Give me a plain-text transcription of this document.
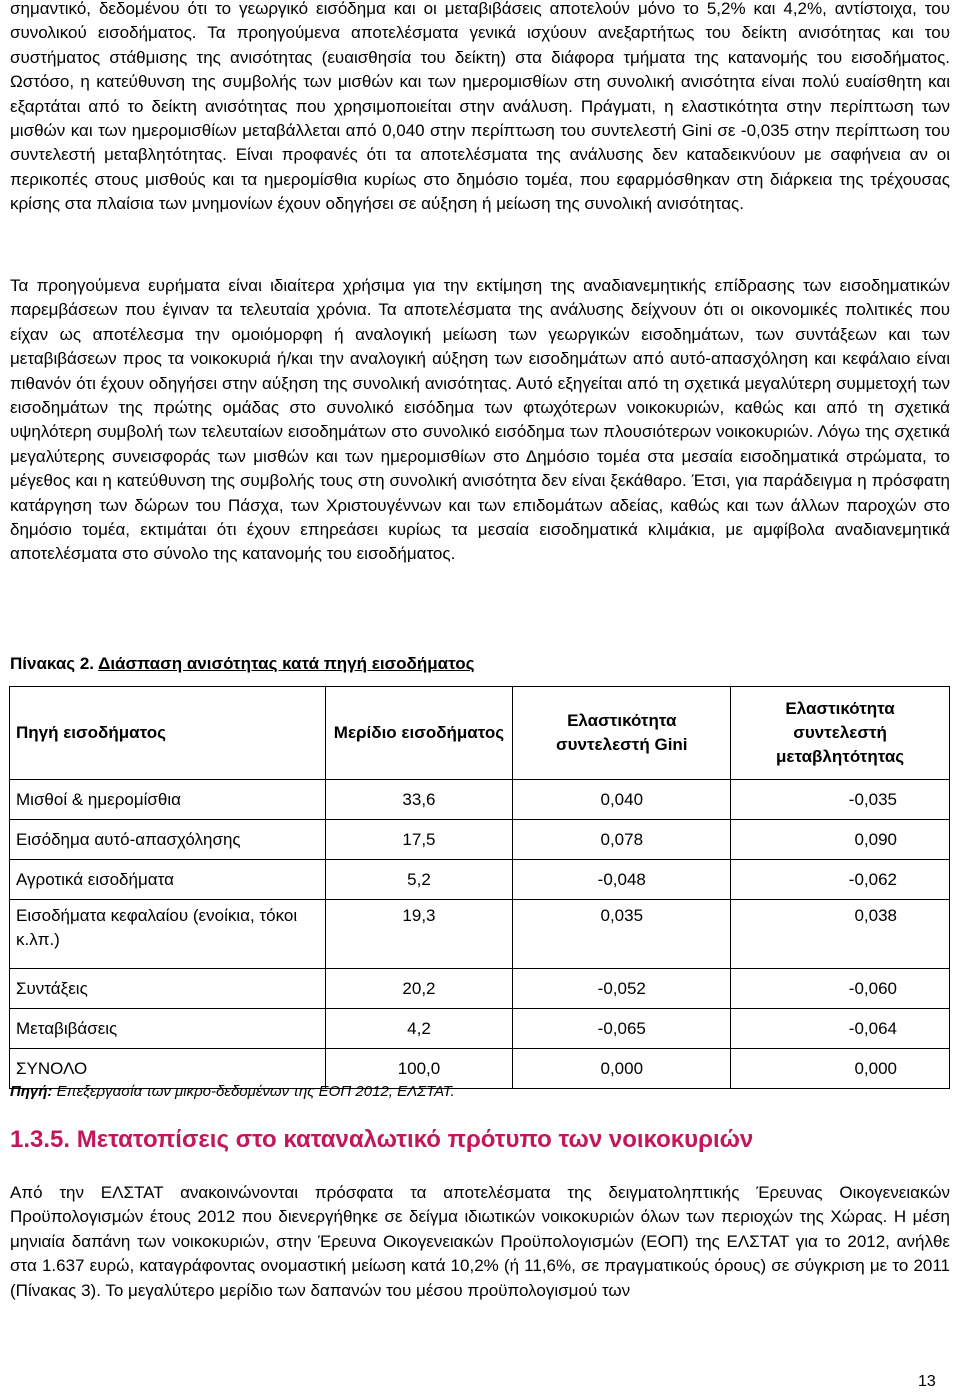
σημαντικό, δεδομένου ότι το γεωργικό εισόδημα και οι μεταβιβάσεις αποτελούν μόνο το 5,2% και 4,2%, αντίστοιχα, του συνολικού εισοδήματος. Τα προηγούμενα αποτελέσματα γενικά ισχύουν ανεξαρτήτως του δείκτη ανισότητας και του συστήματος στάθμισης της ανισότητας (ευαισθησία του δείκτη) στα διάφορα τμήματα της κατανομής του εισοδήματος. Ωστόσο, η κατεύθυνση της συμβολής των μισθών και των ημερομισθίων στη συνολική ανισότητα είναι πολύ ευαίσθητη και εξαρτάται από το δείκτη ανισότητας που χρησιμοποιείται στην ανάλυση. Πράγματι, η ελαστικότητα στην περίπτωση των μισθών και των ημερομισθίων μεταβάλλεται από 0,040 στην περίπτωση του συντελεστή Gini σε -0,035 στην περίπτωση του συντελεστή μεταβλητότητας. Είναι προφανές ότι τα αποτελέσματα της ανάλυσης δεν καταδεικνύουν με σαφήνεια αν οι περικοπές στους μισθούς και τα ημερομίσθια κυρίως στο δημόσιο τομέα, που εφαρμόσθηκαν στη διάρκεια της τρέχουσας κρίσης στα πλαίσια των μνημονίων έχουν οδηγήσει σε αύξηση ή μείωση της συνολική ανισότητας.

Τα προηγούμενα ευρήματα είναι ιδιαίτερα χρήσιμα για την εκτίμηση της αναδιανεμητικής επίδρασης των εισοδηματικών παρεμβάσεων που έγιναν τα τελευταία χρόνια. Τα αποτελέσματα της ανάλυσης δείχνουν ότι οι οικονομικές πολιτικές που είχαν ως αποτέλεσμα την ομοιόμορφη ή αναλογική μείωση των γεωργικών εισοδημάτων, των συντάξεων και των μεταβιβάσεων προς τα νοικοκυριά ή/και την αναλογική αύξηση των εισοδημάτων από αυτό-απασχόληση και κεφάλαιο είναι πιθανόν ότι έχουν οδηγήσει στην αύξηση της συνολική ανισότητας. Αυτό εξηγείται από τη σχετικά μεγαλύτερη συμμετοχή των εισοδημάτων της πρώτης ομάδας στο συνολικό εισόδημα των φτωχότερων νοικοκυριών, καθώς και από τη σχετικά υψηλότερη συμβολή των τελευταίων εισοδημάτων στο συνολικό εισόδημα των πλουσιότερων νοικοκυριών. Λόγω της σχετικά μεγαλύτερης συνεισφοράς των μισθών και των ημερομισθίων στο Δημόσιο τομέα στα μεσαία εισοδηματικά στρώματα, το μέγεθος και η κατεύθυνση της συμβολής τους στη συνολική ανισότητα δεν είναι ξεκάθαρο. Έτσι, για παράδειγμα η πρόσφατη κατάργηση των δώρων του Πάσχα, των Χριστουγέννων και των επιδομάτων αδείας, καθώς και των άλλων παροχών στο δημόσιο τομέα, εκτιμάται ότι έχουν επηρεάσει κυρίως τα μεσαία εισοδηματικά κλιμάκια, με αμφίβολα αναδιανεμητικά αποτελέσματα στο σύνολο της κατανομής του εισοδήματος.

Πίνακας 2. Διάσπαση ανισότητας κατά πηγή εισοδήματος

Πηγή εισοδήματος	Μερίδιο εισοδήματος	Ελαστικότητα συντελεστή Gini	Ελαστικότητα συντελεστή μεταβλητότητας
Μισθοί & ημερομίσθια	33,6	0,040	-0,035
Εισόδημα αυτό-απασχόλησης	17,5	0,078	0,090
Αγροτικά εισοδήματα	5,2	-0,048	-0,062
Εισοδήματα κεφαλαίου (ενοίκια, τόκοι κ.λπ.)	19,3	0,035	0,038
Συντάξεις	20,2	-0,052	-0,060
Μεταβιβάσεις	4,2	-0,065	-0,064
ΣΥΝΟΛΟ	100,0	0,000	0,000

Πηγή: Επεξεργασία των μικρο-δεδομένων της ΕΟΠ 2012, ΕΛΣΤΑΤ.

1.3.5. Μετατοπίσεις στο καταναλωτικό πρότυπο των νοικοκυριών

Από την ΕΛΣΤΑΤ ανακοινώνονται πρόσφατα τα αποτελέσματα της δειγματοληπτικής Έρευνας Οικογενειακών Προϋπολογισμών έτους 2012 που διενεργήθηκε σε δείγμα ιδιωτικών νοικοκυριών όλων των περιοχών της Χώρας. Η μέση μηνιαία δαπάνη των νοικοκυριών, στην Έρευνα Οικογενειακών Προϋπολογισμών (ΕΟΠ) της ΕΛΣΤΑΤ για το 2012, ανήλθε στα 1.637 ευρώ, καταγράφοντας ονομαστική μείωση κατά 10,2% (ή 11,6%, σε πραγματικούς όρους) σε σύγκριση με το 2011 (Πίνακας 3). Το μεγαλύτερο μερίδιο των δαπανών του μέσου προϋπολογισμού των

13
